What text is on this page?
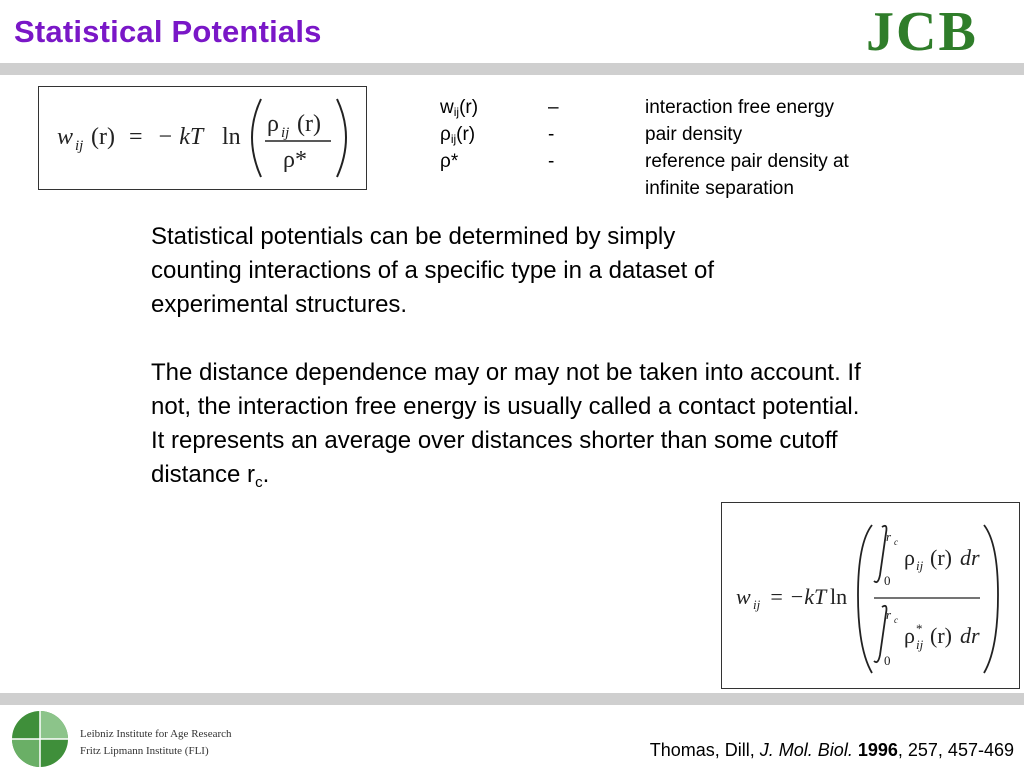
Statistical Potentials	JCB
w ij (r) = − kT ln ρ ij (r)
ρ*
$w_{ij}(r)$	–	interaction free energy
$\rho_{ij}(r)$	-	pair density
ρ*	-	reference pair density at
infinite separation
Statistical potentials can be determined by simply counting interactions of a specific type in a dataset of experimental structures.
The distance dependence may or may not be taken into account. If not, the interaction free energy is usually called a contact potential. It represents an average over distances shorter than some cutoff distance $r_c$.
w ij = −kT ln
r c
0
ρ ij (r) dr
r c
0
ρ *
ij (r) dr
Leibniz Institute for Age Research
Fritz Lipmann Institute (FLI)	Thomas, Dill, J. Mol. Biol. 1996, 257, 457-469
